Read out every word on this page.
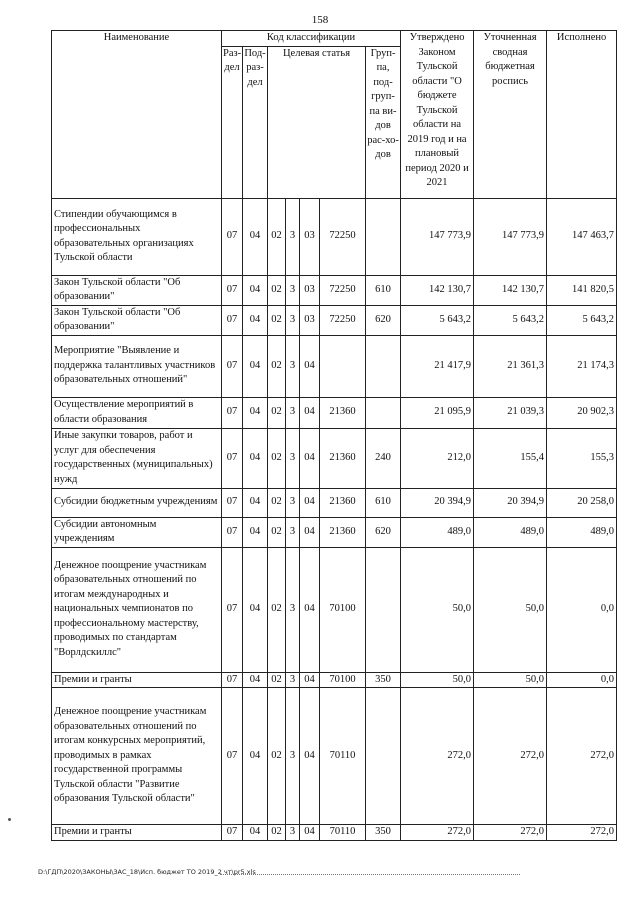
158
Наименование	Код классификации							Утверждено Законом Тульской области "О бюджете Тульской области на 2019 год и на плановый период 2020 и 2021	Уточненная сводная бюджетная роспись	Исполнено
	Раз-дел	Под-раз-дел	Целевая статья				Груп-па, под-груп-па ви-дов рас-хо-дов			
Стипендии обучающимся в профессиональных образовательных организациях Тульской области	07	04	02	3	03	72250		147 773,9	147 773,9	147 463,7
Закон Тульской области "Об образовании"	07	04	02	3	03	72250	610	142 130,7	142 130,7	141 820,5
Закон Тульской области "Об образовании"	07	04	02	3	03	72250	620	5 643,2	5 643,2	5 643,2
Мероприятие "Выявление и поддержка талантливых участников образовательных отношений"	07	04	02	3	04			21 417,9	21 361,3	21 174,3
Осуществление мероприятий в области образования	07	04	02	3	04	21360		21 095,9	21 039,3	20 902,3
Иные закупки товаров, работ и услуг для обеспечения государственных (муниципальных) нужд	07	04	02	3	04	21360	240	212,0	155,4	155,3
Субсидии бюджетным учреждениям	07	04	02	3	04	21360	610	20 394,9	20 394,9	20 258,0
Субсидии автономным учреждениям	07	04	02	3	04	21360	620	489,0	489,0	489,0
Денежное поощрение участникам образовательных отношений по итогам международных и национальных чемпионатов по профессиональному мастерству, проводимых по стандартам "Ворлдскиллс"	07	04	02	3	04	70100		50,0	50,0	0,0
Премии и гранты	07	04	02	3	04	70100	350	50,0	50,0	0,0
Денежное поощрение участникам образовательных отношений по итогам конкурсных мероприятий, проводимых в рамках государственной программы Тульской области "Развитие образования Тульской области"	07	04	02	3	04	70110		272,0	272,0	272,0
Премии и гранты	07	04	02	3	04	70110	350	272,0	272,0	272,0
D:\ГДП\2020\ЗАКОНЫ\ЗАС_18\Исп. бюджет ТО 2019_2 чт\pr5.xls
